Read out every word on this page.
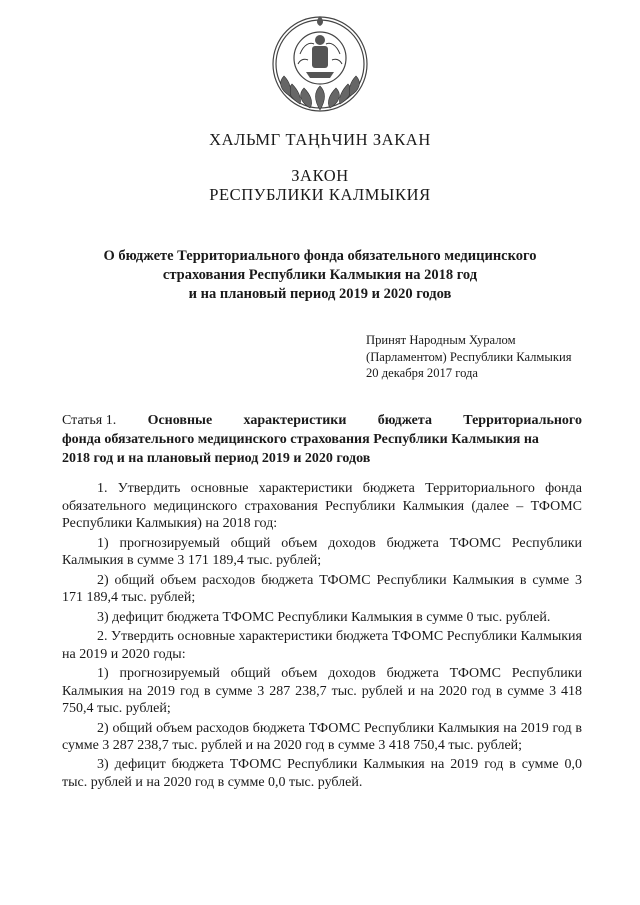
ХАЛЬМГ ТАҢҺЧИН ЗАКАН
ЗАКОН
РЕСПУБЛИКИ КАЛМЫКИЯ
О бюджете Территориального фонда обязательного медицинского
страхования Республики Калмыкия на 2018 год
и на плановый период 2019 и 2020 годов
Принят Народным Хуралом
(Парламентом) Республики Калмыкия
20 декабря 2017 года
Статья 1. Основные характеристики бюджета Территориального
фонда обязательного медицинского страхования Республики Калмыкия на
2018 год и на плановый период 2019 и 2020 годов

1. Утвердить основные характеристики бюджета Территориального фонда обязательного медицинского страхования Республики Калмыкия (далее – ТФОМС Республики Калмыкия) на 2018 год:

1) прогнозируемый общий объем доходов бюджета ТФОМС Республики Калмыкия в сумме 3 171 189,4 тыс. рублей;

2) общий объем расходов бюджета ТФОМС Республики Калмыкия в сумме 3 171 189,4 тыс. рублей;

3) дефицит бюджета ТФОМС Республики Калмыкия в сумме 0 тыс. рублей.

2. Утвердить основные характеристики бюджета ТФОМС Республики Калмыкия на 2019 и 2020 годы:

1) прогнозируемый общий объем доходов бюджета ТФОМС Республики Калмыкия на 2019 год в сумме 3 287 238,7 тыс. рублей и на 2020 год в сумме 3 418 750,4 тыс. рублей;

2) общий объем расходов бюджета ТФОМС Республики Калмыкия на 2019 год в сумме 3 287 238,7 тыс. рублей и на 2020 год в сумме 3 418 750,4 тыс. рублей;

3) дефицит бюджета ТФОМС Республики Калмыкия на 2019 год в сумме 0,0 тыс. рублей и на 2020 год в сумме 0,0 тыс. рублей.
